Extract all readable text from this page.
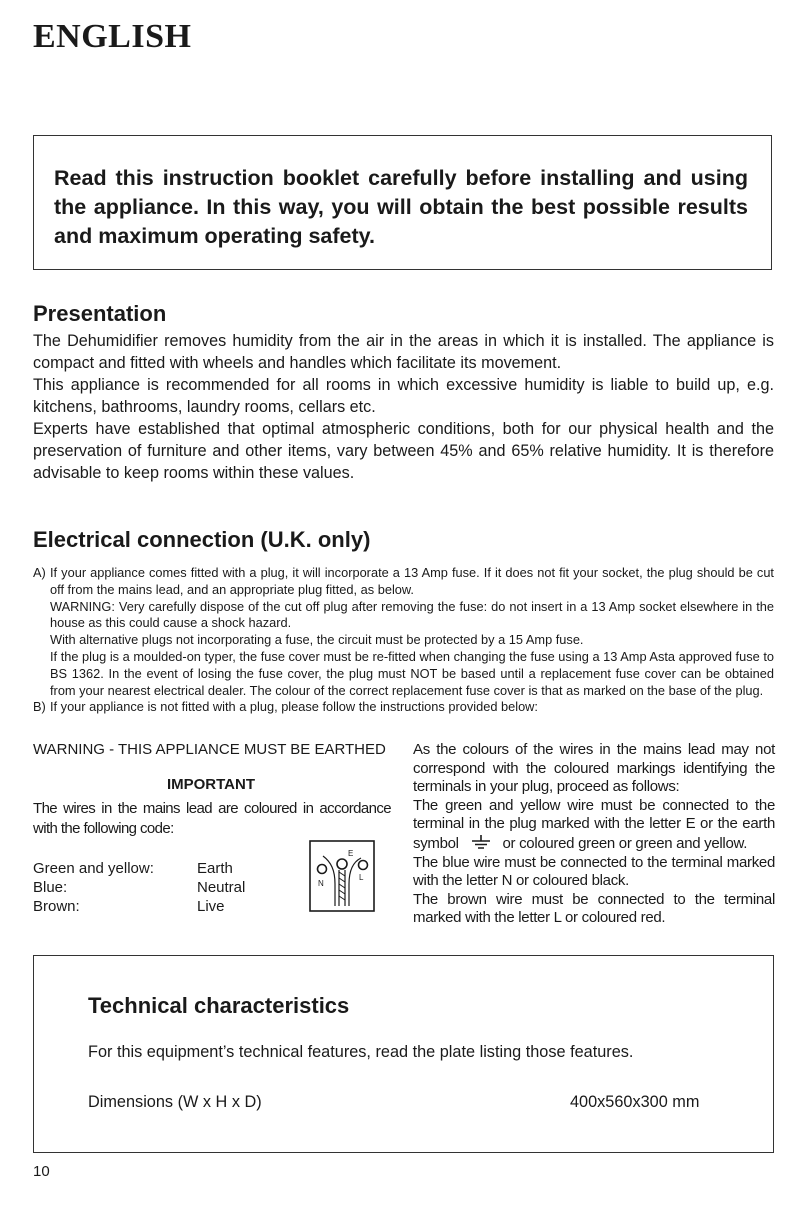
ENGLISH

Read this instruction booklet carefully before installing and using the appliance. In this way, you will obtain the best possible results and maximum operating safety.

Presentation

The Dehumidifier removes humidity from the air in the areas in which it is installed. The appliance is compact and fitted with wheels and handles which facilitate its movement.

This appliance is recommended for all rooms in which excessive humidity is liable to build up, e.g. kitchens, bathrooms, laundry rooms, cellars etc.

Experts have established that optimal atmospheric conditions, both for our physical health and the preservation of furniture and other items, vary between 45% and 65% relative humidity. It is therefore advisable to keep rooms within these values.

Electrical connection (U.K. only)
A) If your appliance comes fitted with a plug, it will incorporate a 13 Amp fuse. If it does not fit your socket, the plug should be cut off from the mains lead, and an appropriate plug fitted, as below.

WARNING: Very carefully dispose of the cut off plug after removing the fuse: do not insert in a 13 Amp socket elsewhere in the house as this could cause a shock hazard.

With alternative plugs not incorporating a fuse, the circuit must be protected by a 15 Amp fuse.

If the plug is a moulded-on typer, the fuse cover must be re-fitted when changing the fuse using a 13 Amp Asta approved fuse to BS 1362. In the event of losing the fuse cover, the plug must NOT be based until a replacement fuse cover can be obtained from your nearest electrical dealer. The colour of the correct replacement fuse cover is that as marked on the base of the plug.

B) If your appliance is not fitted with a plug, please follow the instructions provided below:

WARNING - THIS APPLIANCE MUST BE EARTHED
IMPORTANT
The wires in the mains lead are coloured in accordance with the following code:
Green and yellow:	Earth
Blue:	Neutral
Brown:	Live
E
N
L

As the colours of the wires in the mains lead may not correspond with the coloured markings identifying the terminals in your plug, proceed as follows:

The green and yellow wire must be connected to the terminal in the plug marked with the letter E or the earth symbol	or coloured green or green and yellow.

The blue wire must be connected to the terminal marked with the letter N or coloured black.

The brown wire must be connected to the terminal marked with the letter L or coloured red.

Technical characteristics
For this equipment’s technical features, read the plate listing those features.
Dimensions (W x H x D)	400x560x300 mm
10
